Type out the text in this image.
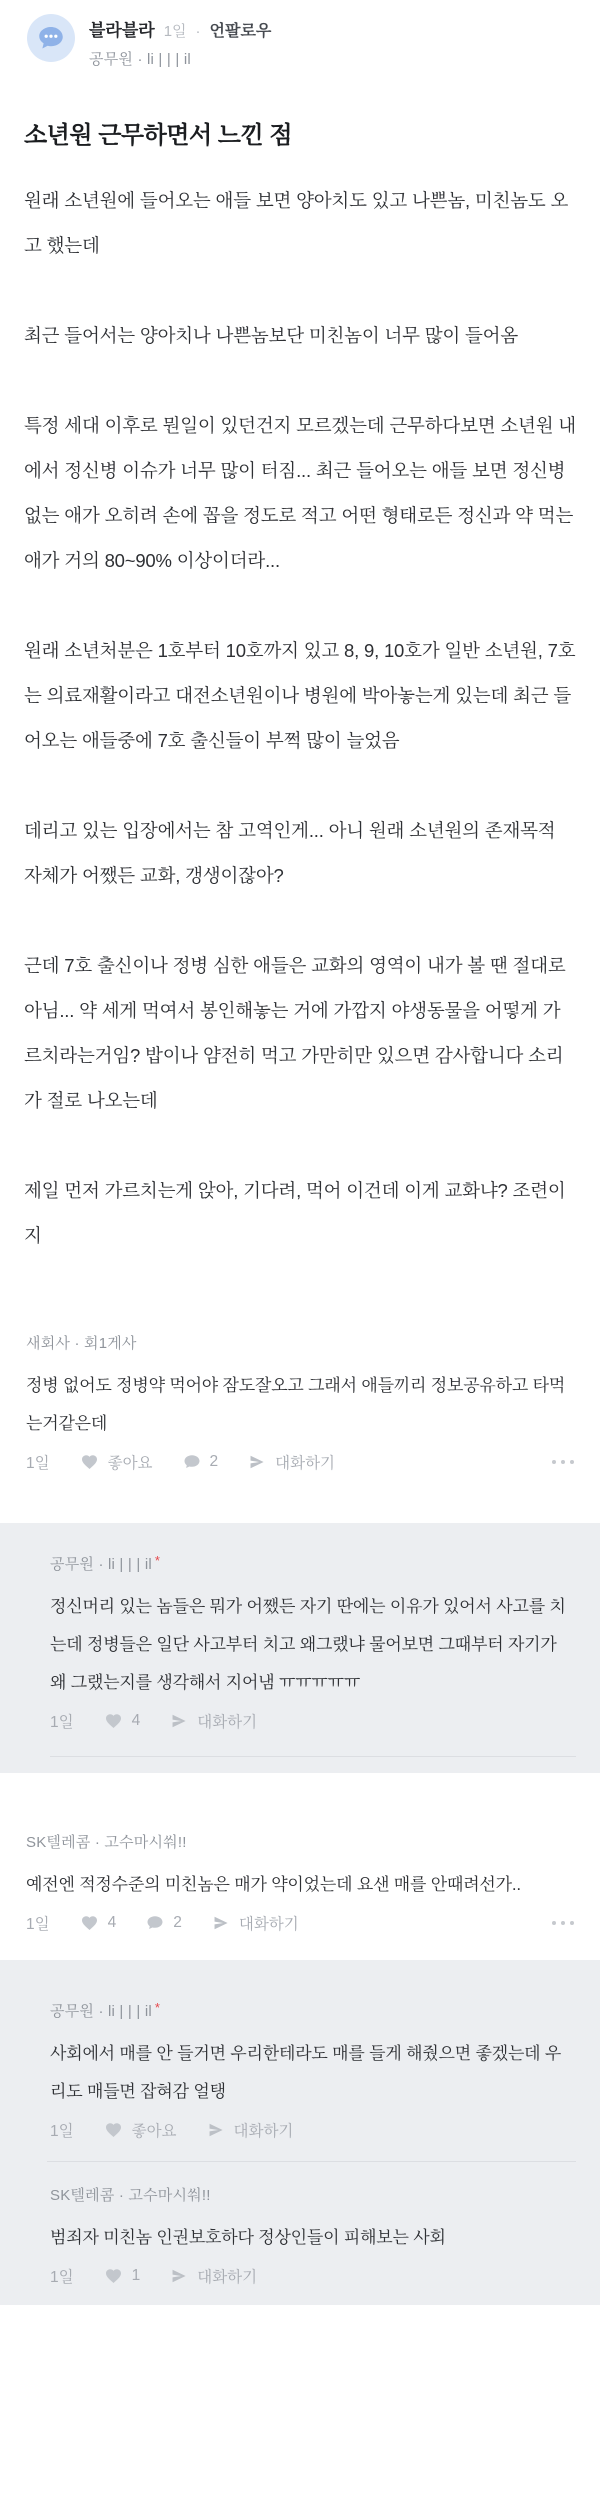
블라블라 1일 · 언팔로우
공무원 · li | | | il
소년원 근무하면서 느낀 점

원래 소년원에 들어오는 애들 보면 양아치도 있고 나쁜놈, 미친놈도 오고 했는데

최근 들어서는 양아치나 나쁜놈보단 미친놈이 너무 많이 들어옴

특정 세대 이후로 뭔일이 있던건지 모르겠는데 근무하다보면 소년원 내에서 정신병 이슈가 너무 많이 터짐... 최근 들어오는 애들 보면 정신병 없는 애가 오히려 손에 꼽을 정도로 적고 어떤 형태로든 정신과 약 먹는 애가 거의 80~90% 이상이더라...

원래 소년처분은 1호부터 10호까지 있고 8, 9, 10호가 일반 소년원, 7호는 의료재활이라고 대전소년원이나 병원에 박아놓는게 있는데 최근 들어오는 애들중에 7호 출신들이 부쩍 많이 늘었음

데리고 있는 입장에서는 참 고역인게... 아니 원래 소년원의 존재목적 자체가 어쨌든 교화, 갱생이잖아?

근데 7호 출신이나 정병 심한 애들은 교화의 영역이 내가 볼 땐 절대로 아님... 약 세게 먹여서 봉인해놓는 거에 가깝지 야생동물을 어떻게 가르치라는거임? 밥이나 얌전히 먹고 가만히만 있으면 감사합니다 소리가 절로 나오는데

제일 먼저 가르치는게 앉아, 기다려, 먹어 이건데 이게 교화냐? 조련이지

새회사 · 회1게사
정병 없어도 정병약 먹어야 잠도잘오고 그래서 애들끼리 정보공유하고 타먹는거같은데
1일	좋아요	2	대화하기
공무원 · li | | | il *
정신머리 있는 놈들은 뭐가 어쨌든 자기 딴에는 이유가 있어서 사고를 치는데 정병들은 일단 사고부터 치고 왜그랬냐 물어보면 그때부터 자기가 왜 그랬는지를 생각해서 지어냄 ㅠㅠㅠㅠㅠ
1일	4	대화하기
SK텔레콤 · 고수마시쒀!!
예전엔 적정수준의 미친놈은 매가 약이었는데 요샌 매를 안때려선가..
1일	4	2	대화하기
공무원 · li | | | il *
사회에서 매를 안 들거면 우리한테라도 매를 들게 해줬으면 좋겠는데 우리도 매들면 잡혀감 얼탱
1일	좋아요	대화하기
SK텔레콤 · 고수마시쒀!!
범죄자 미친놈 인권보호하다 정상인들이 피해보는 사회
1일	1	대화하기
